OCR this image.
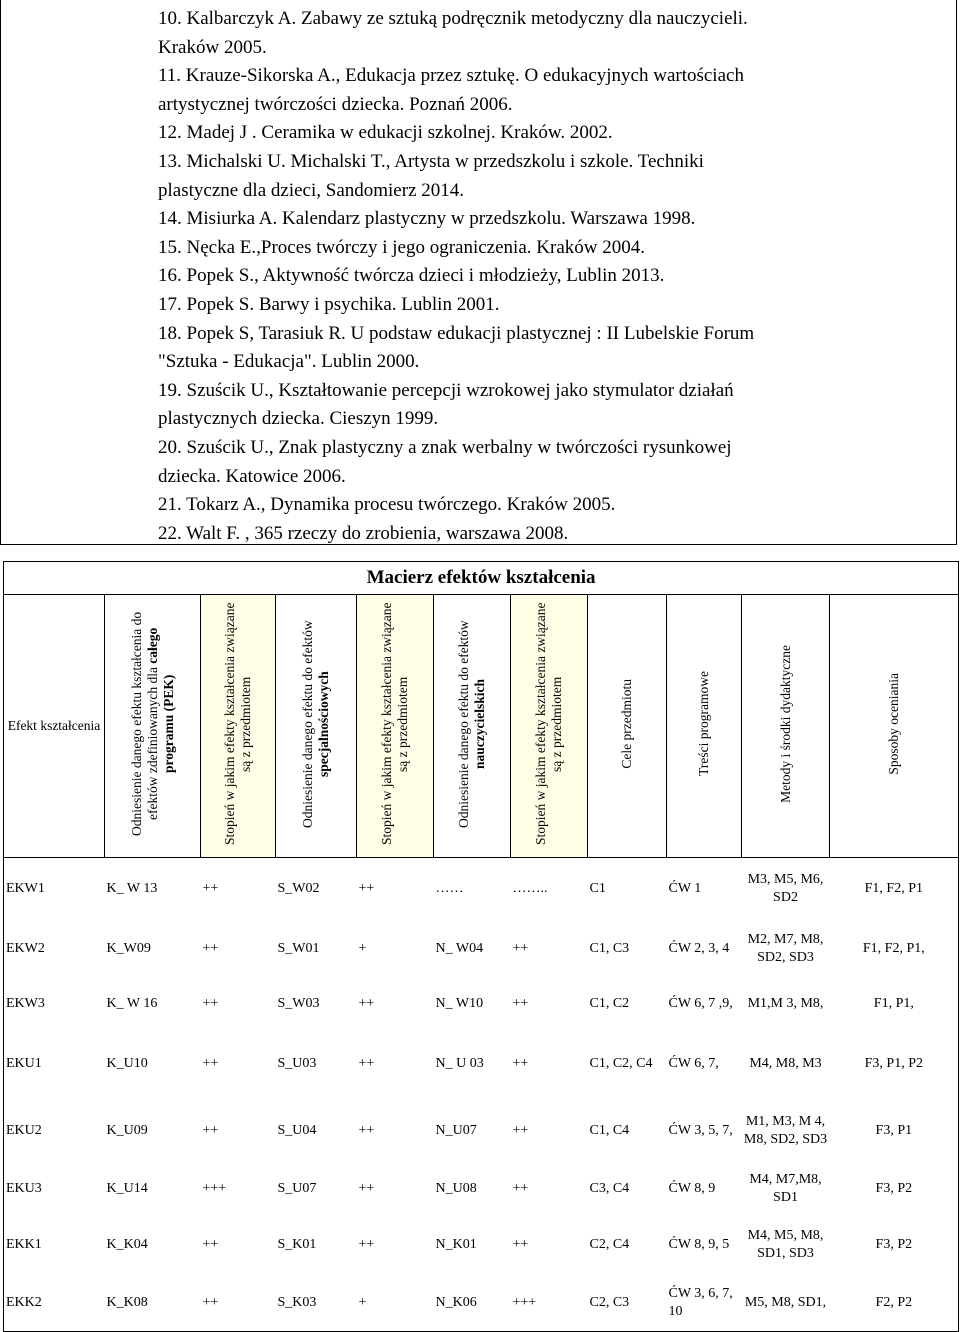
10. Kalbarczyk A. Zabawy ze sztuką podręcznik metodyczny dla nauczycieli.
Kraków 2005.
11. Krauze-Sikorska A., Edukacja przez sztukę. O edukacyjnych wartościach
artystycznej twórczości dziecka. Poznań 2006.
12. Madej J . Ceramika w edukacji szkolnej. Kraków. 2002.
13. Michalski U. Michalski T., Artysta w przedszkolu i szkole. Techniki
plastyczne dla dzieci, Sandomierz 2014.
14. Misiurka A. Kalendarz plastyczny w przedszkolu. Warszawa 1998.
15. Nęcka E.,Proces twórczy i jego ograniczenia. Kraków 2004.
16. Popek S., Aktywność twórcza dzieci i młodzieży, Lublin 2013.
17. Popek S. Barwy i psychika. Lublin 2001.
18. Popek S, Tarasiuk R. U podstaw edukacji plastycznej : II Lubelskie Forum
"Sztuka - Edukacja". Lublin 2000.
19. Szuścik U., Kształtowanie percepcji wzrokowej jako stymulator działań
plastycznych dziecka. Cieszyn 1999.
20. Szuścik U., Znak plastyczny a znak werbalny w twórczości rysunkowej
dziecka. Katowice 2006.
21. Tokarz A., Dynamika procesu twórczego. Kraków 2005.
22. Walt F. , 365 rzeczy do zrobienia, warszawa 2008.
Macierz efektów kształcenia										
Efekt kształcenia	Odniesienie danego efektu kształcenia do efektów zdefiniowanych dla całego programu (PEK)	Stopień w jakim efekty kształcenia związane są z przedmiotem	Odniesienie danego efektu do efektów specjalnościowych	Stopień w jakim efekty kształcenia związane są z przedmiotem	Odniesienie danego efektu do efektów nauczycielskich	Stopień w jakim efekty kształcenia związane są z przedmiotem	Cele przedmiotu	Treści programowe	Metody i środki dydaktyczne	Sposoby oceniania
EKW1	K_ W 13	++	S_W02	++	……	……..	C1	ĆW 1	M3, M5, M6, SD2	F1, F2, P1
EKW2	K_W09	++	S_W01	+	N_ W04	++	C1, C3	ĆW 2, 3, 4	M2, M7, M8, SD2, SD3	F1, F2, P1,
EKW3	K_ W 16	++	S_W03	++	N_ W10	++	C1, C2	ĆW 6, 7 ,9,	M1,M 3, M8,	F1, P1,
EKU1	K_U10	++	S_U03	++	N_ U 03	++	C1, C2, C4	ĆW 6, 7,	M4, M8, M3	F3, P1, P2
EKU2	K_U09	++	S_U04	++	N_U07	++	C1, C4	ĆW 3, 5, 7,	M1, M3, M 4, M8, SD2, SD3	F3, P1
EKU3	K_U14	+++	S_U07	++	N_U08	++	C3, C4	ĆW 8, 9	M4, M7,M8, SD1	F3, P2
EKK1	K_K04	++	S_K01	++	N_K01	++	C2, C4	ĆW 8, 9, 5	M4, M5, M8, SD1, SD3	F3, P2
EKK2	K_K08	++	S_K03	+	N_K06	+++	C2, C3	ĆW 3, 6, 7, 10	M5, M8, SD1,	F2, P2
